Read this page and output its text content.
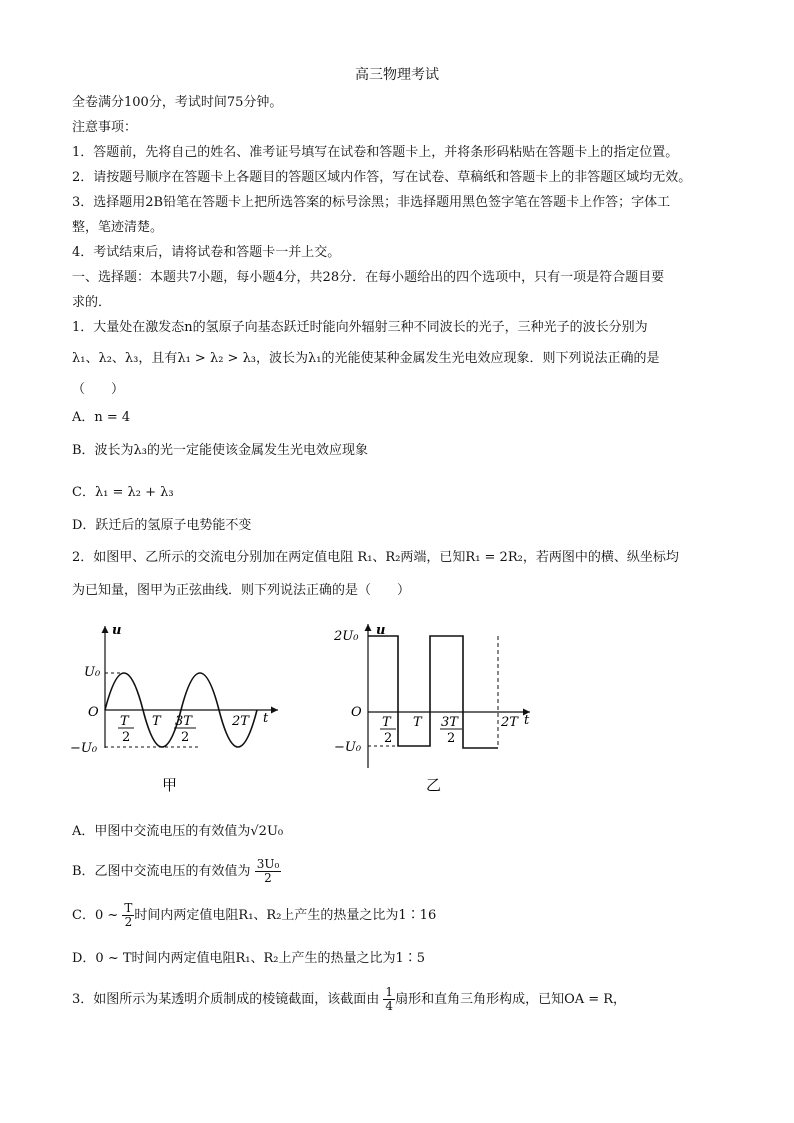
高三物理考试
全卷满分100分，考试时间75分钟。
注意事项：
1．答题前，先将自己的姓名、准考证号填写在试卷和答题卡上，并将条形码粘贴在答题卡上的指定位置。
2．请按题号顺序在答题卡上各题目的答题区域内作答，写在试卷、草稿纸和答题卡上的非答题区域均无效。
3．选择题用2B铅笔在答题卡上把所选答案的标号涂黑；非选择题用黑色签字笔在答题卡上作答；字体工
整，笔迹清楚。
4．考试结束后，请将试卷和答题卡一并上交。
一、选择题：本题共7小题，每小题4分，共28分．在每小题给出的四个选项中，只有一项是符合题目要
求的．
1．大量处在激发态n的氢原子向基态跃迁时能向外辐射三种不同波长的光子，三种光子的波长分别为
λ₁、λ₂、λ₃，且有λ₁ > λ₂ > λ₃，波长为λ₁的光能使某种金属发生光电效应现象．则下列说法正确的是
（　　）
A．n = 4
B．波长为λ₃的光一定能使该金属发生光电效应现象
C．λ₁ = λ₂ + λ₃
D．跃迁后的氢原子电势能不变
2．如图甲、乙所示的交流电分别加在两定值电阻 R₁、R₂两端，已知R₁ = 2R₂，若两图中的横、纵坐标均
为已知量，图甲为正弦曲线．则下列说法正确的是（　　）
u
U₀
O
−U₀
t
T
2
T 3T
2
2T
甲
u
2U₀
O
−U₀
t
T
2
T 3T
2
2T
乙
A．甲图中交流电压的有效值为√2U₀
B．乙图中交流电压的有效值为 $\frac{\text{3U₀}}{2}$
C．0 ~ $\frac{T}{2}$ 时间内两定值电阻R₁、R₂上产生的热量之比为1∶16
D．0 ~ T时间内两定值电阻R₁、R₂上产生的热量之比为1∶5
3．如图所示为某透明介质制成的棱镜截面，该截面由 $\frac{1}{4}$ 扇形和直角三角形构成，已知OA = R，
